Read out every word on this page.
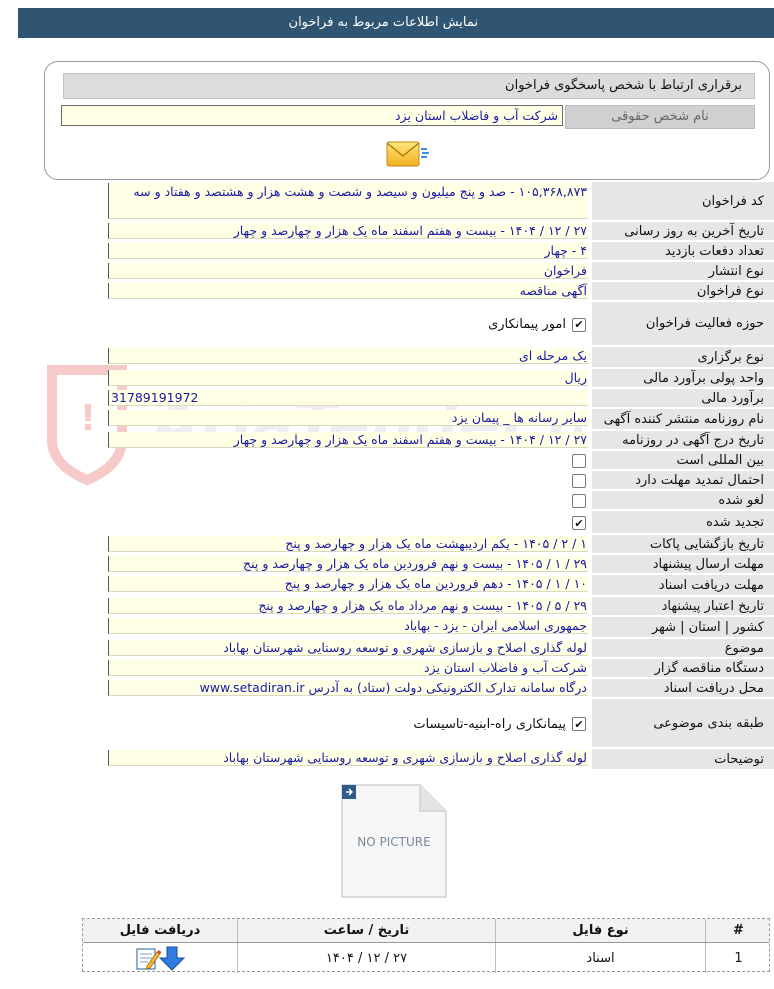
نمایش اطلاعات مربوط به فراخوان
برقراری ارتباط با شخص پاسخگوی فراخوان
نام شخص حقوقی
شرکت آب و فاضلاب استان یزد
!
کد فراخوان
۱۰۵,۳۶۸,۸۷۳ - صد و پنج میلیون و سیصد و شصت و هشت هزار و هشتصد و هفتاد و سه
تاریخ آخرین به روز رسانی
۲۷ / ۱۲ / ۱۴۰۴ - بیست و هفتم اسفند ماه یک هزار و چهارصد و چهار
تعداد دفعات بازدید
۴ - چهار
نوع انتشار
فراخوان
نوع فراخوان
آگهی مناقصه
حوزه فعالیت فراخوان
✔
امور پیمانکاری
نوع برگزاری
یک مرحله ای
واحد پولی برآورد مالی
ریال
برآورد مالی
31789191972
نام روزنامه منتشر کننده آگهی
سایر رسانه ها _ پیمان یزد
تاریخ درج آگهی در روزنامه
۲۷ / ۱۲ / ۱۴۰۴ - بیست و هفتم اسفند ماه یک هزار و چهارصد و چهار
بین المللی است
احتمال تمدید مهلت دارد
لغو شده
تجدید شده
✔
تاریخ بازگشایی پاکات
۱ / ۲ / ۱۴۰۵ - یکم اردیبهشت ماه یک هزار و چهارصد و پنج
مهلت ارسال پیشنهاد
۲۹ / ۱ / ۱۴۰۵ - بیست و نهم فروردین ماه یک هزار و چهارصد و پنج
مهلت دریافت اسناد
۱۰ / ۱ / ۱۴۰۵ - دهم فروردین ماه یک هزار و چهارصد و پنج
تاریخ اعتبار پیشنهاد
۲۹ / ۵ / ۱۴۰۵ - بیست و نهم مرداد ماه یک هزار و چهارصد و پنج
کشور | استان | شهر
جمهوری اسلامی ایران - یزد - بهاباد
موضوع
لوله گذاری اصلاح و بازسازی شهری و توسعه روستایی شهرستان بهاباد
دستگاه مناقصه گزار
شرکت آب و فاضلاب استان یزد
محل دریافت اسناد
درگاه سامانه تدارک الکترونیکی دولت (ستاد) به آدرس www.setadiran.ir
طبقه بندی موضوعی
✔
پیمانکاری راه-ابنیه-تاسیسات
توضیحات
لوله گذاری اصلاح و بازسازی شهری و توسعه روستایی شهرستان بهاباد
NO PICTURE
#
نوع فایل
تاریخ / ساعت
دریافت فایل
1
اسناد
۲۷ / ۱۲ / ۱۴۰۴
